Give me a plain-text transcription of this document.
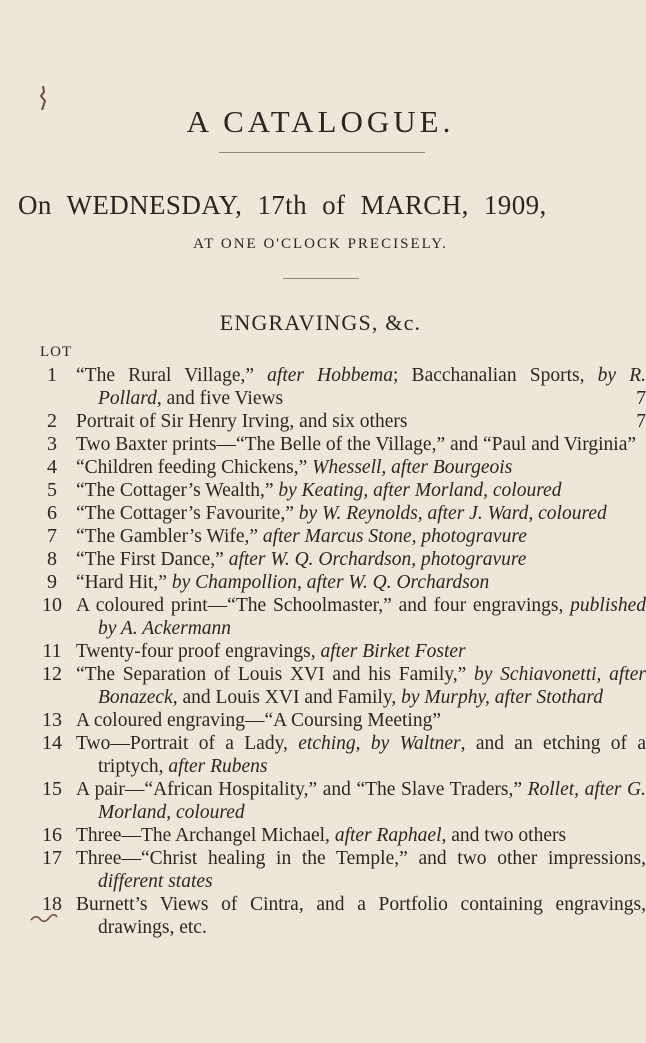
A CATALOGUE.
On WEDNESDAY, 17th of MARCH, 1909,
AT ONE O'CLOCK PRECISELY.
ENGRAVINGS, &c.
LOT
1 “The Rural Village,” after Hobbema; Bacchanalian Sports, by R. Pollard, and five Views	7
2 Portrait of Sir Henry Irving, and six others	7
3 Two Baxter prints—“The Belle of the Village,” and “Paul and Virginia”
4 “Children feeding Chickens,” Whessell, after Bourgeois
5 “The Cottager’s Wealth,” by Keating, after Morland, coloured
6 “The Cottager’s Favourite,” by W. Reynolds, after J. Ward, coloured
7 “The Gambler’s Wife,” after Marcus Stone, photogravure
8 “The First Dance,” after W. Q. Orchardson, photogravure
9 “Hard Hit,” by Champollion, after W. Q. Orchardson
10 A coloured print—“The Schoolmaster,” and four engravings, published by A. Ackermann
11 Twenty-four proof engravings, after Birket Foster
12 “The Separation of Louis XVI and his Family,” by Schiavonetti, after Bonazeck, and Louis XVI and Family, by Murphy, after Stothard
13 A coloured engraving—“A Coursing Meeting”
14 Two—Portrait of a Lady, etching, by Waltner, and an etching of a triptych, after Rubens
15 A pair—“African Hospitality,” and “The Slave Traders,” Rollet, after G. Morland, coloured
16 Three—The Archangel Michael, after Raphael, and two others
17 Three—“Christ healing in the Temple,” and two other impressions, different states
18 Burnett’s Views of Cintra, and a Portfolio containing engravings, drawings, etc.
